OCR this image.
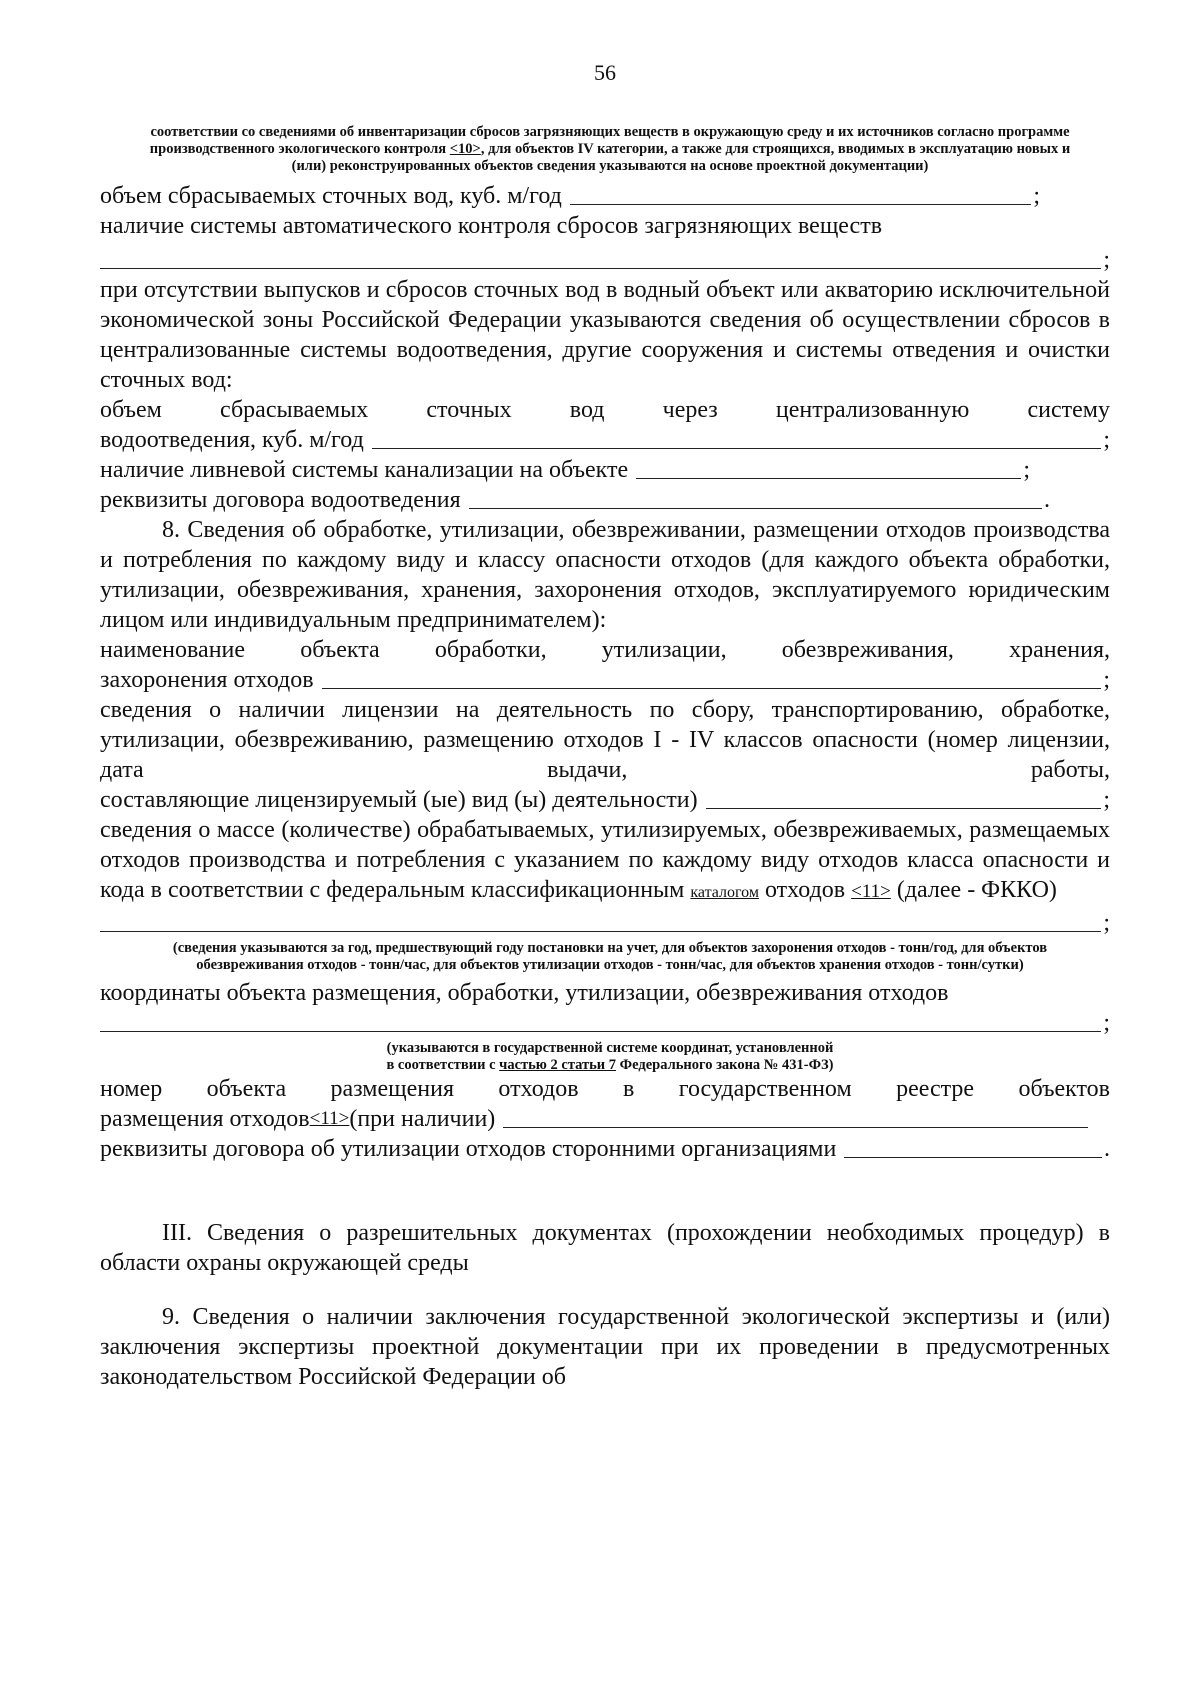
56

соответствии со сведениями об инвентаризации сбросов загрязняющих веществ в окружающую среду и их источников согласно программе производственного экологического контроля <10>, для объектов IV категории, а также для строящихся, вводимых в эксплуатацию новых и (или) реконструированных объектов сведения указываются на основе проектной документации)

объем сбрасываемых сточных вод, куб. м/год	;
наличие системы автоматического контроля сбросов загрязняющих веществ
;

при отсутствии выпусков и сбросов сточных вод в водный объект или акваторию исключительной экономической зоны Российской Федерации указываются сведения об осуществлении сбросов в централизованные системы водоотведения, другие сооружения и системы отведения и очистки сточных вод:

объем сбрасываемых сточных вод через централизованную систему

водоотведения, куб. м/год	;
наличие ливневой системы канализации на объекте	;
реквизиты договора водоотведения	.

8. Сведения об обработке, утилизации, обезвреживании, размещении отходов производства и потребления по каждому виду и классу опасности отходов (для каждого объекта обработки, утилизации, обезвреживания, хранения, захоронения отходов, эксплуатируемого юридическим лицом или индивидуальным предпринимателем):

наименование объекта обработки, утилизации, обезвреживания, хранения,

захоронения отходов	;

сведения о наличии лицензии на деятельность по сбору, транспортированию, обработке, утилизации, обезвреживанию, размещению отходов I - IV классов опасности (номер лицензии, дата выдачи, работы,

составляющие лицензируемый (ые) вид (ы) деятельности)	;

сведения о массе (количестве) обрабатываемых, утилизируемых, обезвреживаемых, размещаемых отходов производства и потребления с указанием по каждому виду отходов класса опасности и кода в соответствии с федеральным классификационным каталогом отходов <11> (далее - ФККО)

;

(сведения указываются за год, предшествующий году постановки на учет, для объектов захоронения отходов - тонн/год, для объектов обезвреживания отходов - тонн/час, для объектов утилизации отходов - тонн/час, для объектов хранения отходов - тонн/сутки)

координаты объекта размещения, обработки, утилизации, обезвреживания отходов
;

(указываются в государственной системе координат, установленной
в соответствии с частью 2 статьи 7 Федерального закона № 431-ФЗ)

номер объекта размещения отходов в государственном реестре объектов

размещения отходов <11> (при наличии)
реквизиты договора об утилизации отходов сторонними организациями	.

III. Сведения о разрешительных документах (прохождении необходимых процедур) в области охраны окружающей среды

9. Сведения о наличии заключения государственной экологической экспертизы и (или) заключения экспертизы проектной документации при их проведении в предусмотренных законодательством Российской Федерации об
